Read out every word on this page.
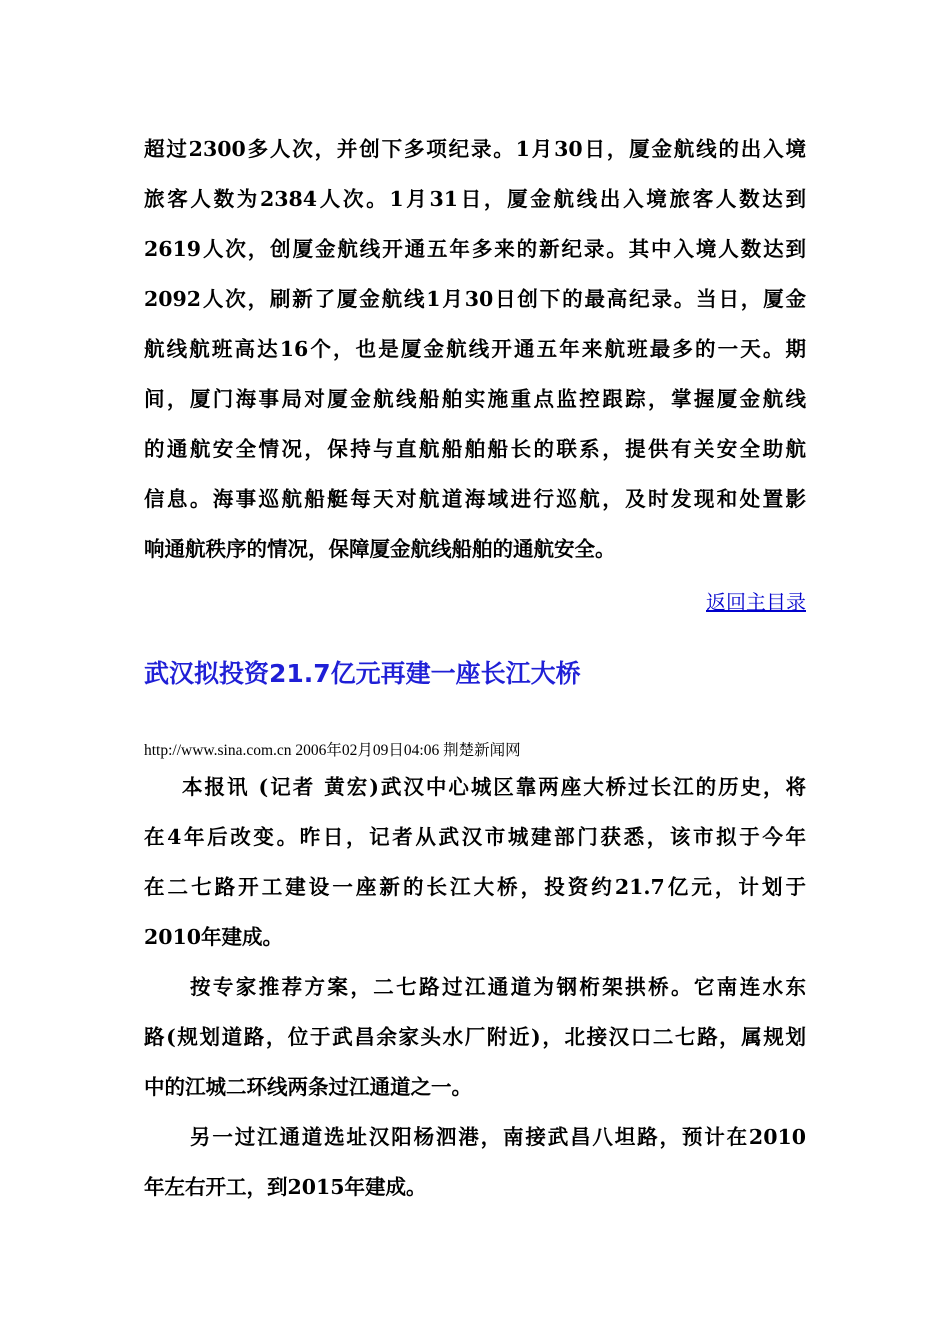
超过2300多人次，并创下多项纪录。1月30日，厦金航线的出入境
旅客人数为2384人次。1月31日，厦金航线出入境旅客人数达到
2619人次，创厦金航线开通五年多来的新纪录。其中入境人数达到
2092人次，刷新了厦金航线1月30日创下的最高纪录。当日，厦金
航线航班高达16个，也是厦金航线开通五年来航班最多的一天。期
间，厦门海事局对厦金航线船舶实施重点监控跟踪，掌握厦金航线
的通航安全情况，保持与直航船舶船长的联系，提供有关安全助航
信息。海事巡航船艇每天对航道海域进行巡航，及时发现和处置影
响通航秩序的情况，保障厦金航线船舶的通航安全。
返回主目录
武汉拟投资21.7亿元再建一座长江大桥
http://www.sina.com.cn 2006年02月09日04:06 荆楚新闻网
本报讯 (记者 黄宏)武汉中心城区靠两座大桥过长江的历史，将
在4年后改变。昨日，记者从武汉市城建部门获悉，该市拟于今年
在二七路开工建设一座新的长江大桥，投资约21.7亿元，计划于
2010年建成。
按专家推荐方案，二七路过江通道为钢桁架拱桥。它南连水东
路(规划道路，位于武昌余家头水厂附近)，北接汉口二七路，属规划
中的江城二环线两条过江通道之一。
另一过江通道选址汉阳杨泗港，南接武昌八坦路，预计在2010
年左右开工，到2015年建成。
